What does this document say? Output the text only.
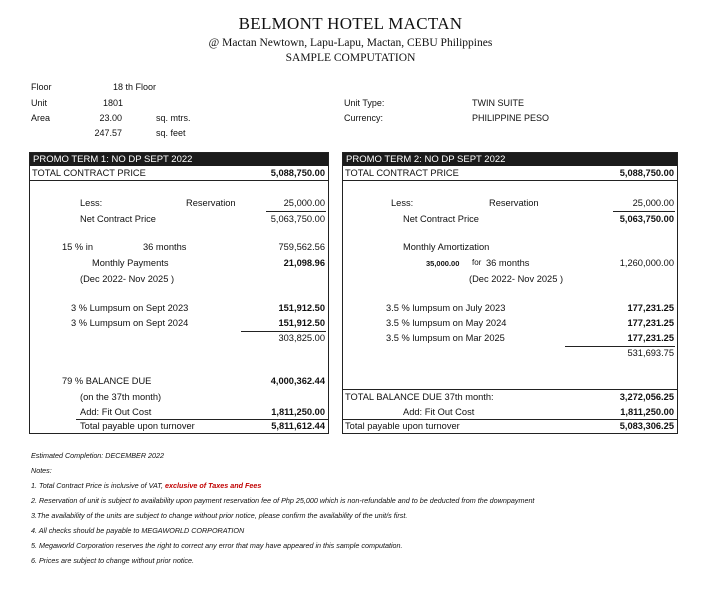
BELMONT HOTEL MACTAN
@ Mactan Newtown, Lapu-Lapu, Mactan, CEBU Philippines
SAMPLE COMPUTATION
Floor	18 th Floor
Unit	1801
Area	23.00	sq. mtrs.
247.57	sq. feet
Unit Type:	TWIN SUITE
Currency:	PHILIPPINE PESO
PROMO TERM 1: NO DP SEPT 2022
TOTAL CONTRACT PRICE	5,088,750.00
Less:	Reservation	25,000.00
Net Contract Price	5,063,750.00
15 % in	36 months	759,562.56
Monthly Payments	21,098.96
(Dec 2022- Nov 2025 )
3 % Lumpsum on Sept 2023	151,912.50
3 % Lumpsum on Sept 2024	151,912.50
303,825.00
79 % BALANCE DUE	4,000,362.44
(on the 37th month)
Add: Fit Out Cost	1,811,250.00
Total payable upon turnover	5,811,612.44
PROMO TERM 2: NO DP SEPT 2022
TOTAL CONTRACT PRICE	5,088,750.00
Less:	Reservation	25,000.00
Net Contract Price	5,063,750.00
Monthly Amortization
35,000.00 for 36 months	1,260,000.00
(Dec 2022- Nov 2025 )
3.5 % lumpsum on July 2023	177,231.25
3.5 % lumpsum on May 2024	177,231.25
3.5 % lumpsum on Mar 2025	177,231.25
531,693.75
TOTAL BALANCE DUE 37th month:	3,272,056.25
Add: Fit Out Cost	1,811,250.00
Total payable upon turnover	5,083,306.25
Estimated Completion: DECEMBER 2022
Notes:
1. Total Contract Price is inclusive of VAT, exclusive of Taxes and Fees
2. Reservation of unit is subject to availability upon payment reservation fee of Php 25,000 which is non-refundable and to be deducted from the downpayment
3.The availability of the units are subject to change without prior notice, please confirm the availability of the unit/s first.
4. All checks should be payable to MEGAWORLD CORPORATION
5. Megaworld Corporation reserves the right to correct any error that may have appeared in this sample computation.
6. Prices are subject to change without prior notice.
